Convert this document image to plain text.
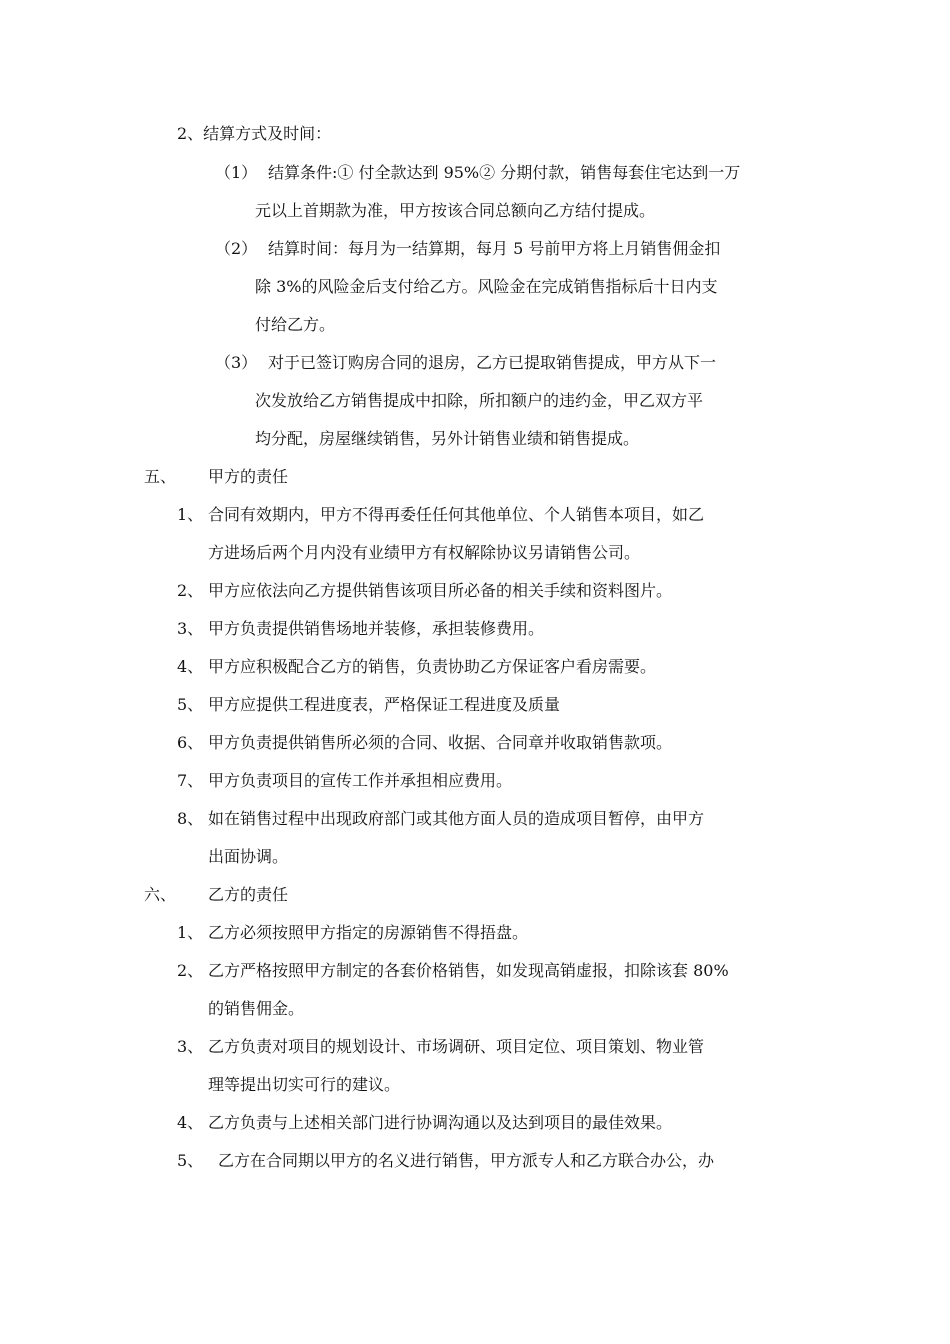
2、结算方式及时间：
（1） 结算条件:① 付全款达到 95%② 分期付款，销售每套住宅达到一万
元以上首期款为准，甲方按该合同总额向乙方结付提成。
（2） 结算时间：每月为一结算期，每月 5 号前甲方将上月销售佣金扣
除 3%的风险金后支付给乙方。风险金在完成销售指标后十日内支
付给乙方。
（3） 对于已签订购房合同的退房，乙方已提取销售提成，甲方从下一
次发放给乙方销售提成中扣除，所扣额户的违约金，甲乙双方平
均分配，房屋继续销售，另外计销售业绩和销售提成。
五、 甲方的责任
1、 合同有效期内，甲方不得再委任任何其他单位、个人销售本项目，如乙
方进场后两个月内没有业绩甲方有权解除协议另请销售公司。
2、 甲方应依法向乙方提供销售该项目所必备的相关手续和资料图片。
3、 甲方负责提供销售场地并装修，承担装修费用。
4、 甲方应积极配合乙方的销售，负责协助乙方保证客户看房需要。
5、 甲方应提供工程进度表，严格保证工程进度及质量
6、 甲方负责提供销售所必须的合同、收据、合同章并收取销售款项。
7、 甲方负责项目的宣传工作并承担相应费用。
8、 如在销售过程中出现政府部门或其他方面人员的造成项目暂停，由甲方
出面协调。
六、 乙方的责任
1、 乙方必须按照甲方指定的房源销售不得捂盘。
2、 乙方严格按照甲方制定的各套价格销售，如发现高销虚报，扣除该套 80%
的销售佣金。
3、 乙方负责对项目的规划设计、市场调研、项目定位、项目策划、物业管
理等提出切实可行的建议。
4、 乙方负责与上述相关部门进行协调沟通以及达到项目的最佳效果。
5、 乙方在合同期以甲方的名义进行销售，甲方派专人和乙方联合办公，办
